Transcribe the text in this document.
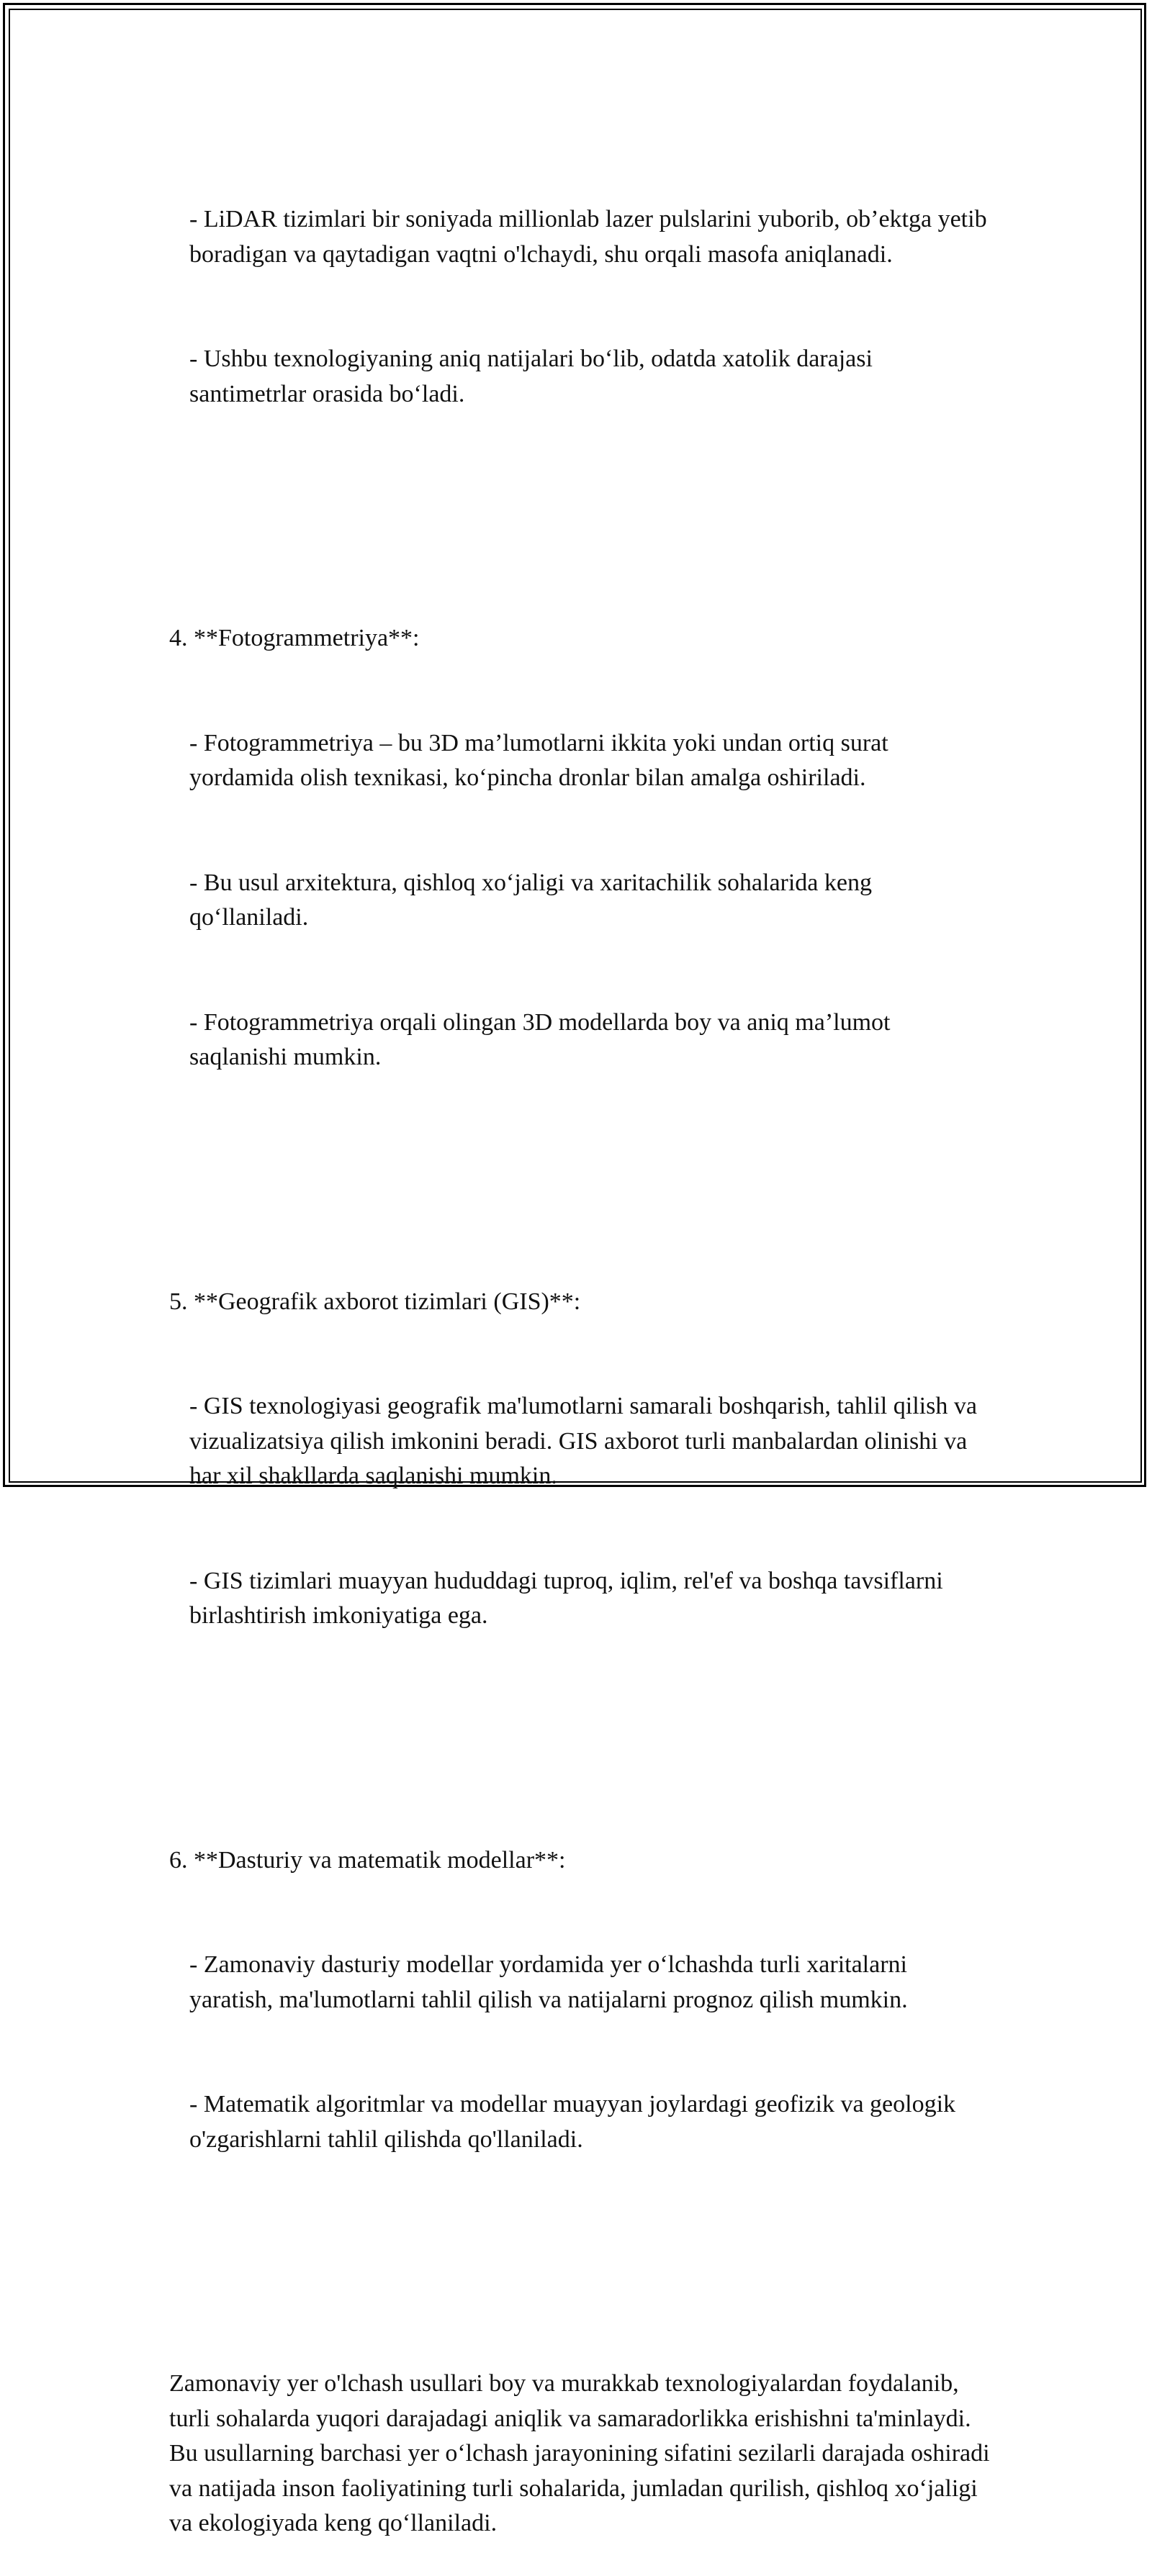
- LiDAR tizimlari bir soniyada millionlab lazer pulslarini yuborib, ob’ektga yetib boradigan va qaytadigan vaqtni o'lchaydi, shu orqali masofa aniqlanadi.

- Ushbu texnologiyaning aniq natijalari bo‘lib, odatda xatolik darajasi santimetrlar orasida bo‘ladi.

4. **Fotogrammetriya**:

- Fotogrammetriya – bu 3D ma’lumotlarni ikkita yoki undan ortiq surat yordamida olish texnikasi, ko‘pincha dronlar bilan amalga oshiriladi.

- Bu usul arxitektura, qishloq xo‘jaligi va xaritachilik sohalarida keng qo‘llaniladi.

- Fotogrammetriya orqali olingan 3D modellarda boy va aniq ma’lumot saqlanishi mumkin.

5. **Geografik axborot tizimlari (GIS)**:

- GIS texnologiyasi geografik ma'lumotlarni samarali boshqarish, tahlil qilish va vizualizatsiya qilish imkonini beradi. GIS axborot turli manbalardan olinishi va har xil shakllarda saqlanishi mumkin.

- GIS tizimlari muayyan hududdagi tuproq, iqlim, rel'ef va boshqa tavsiflarni birlashtirish imkoniyatiga ega.

6. **Dasturiy va matematik modellar**:

- Zamonaviy dasturiy modellar yordamida yer o‘lchashda turli xaritalarni yaratish, ma'lumotlarni tahlil qilish va natijalarni prognoz qilish mumkin.

- Matematik algoritmlar va modellar muayyan joylardagi geofizik va geologik o'zgarishlarni tahlil qilishda qo'llaniladi.

Zamonaviy yer o'lchash usullari boy va murakkab texnologiyalardan foydalanib, turli sohalarda yuqori darajadagi aniqlik va samaradorlikka erishishni ta'minlaydi. Bu usullarning barchasi yer o‘lchash jarayonining sifatini sezilarli darajada oshiradi va natijada inson faoliyatining turli sohalarida, jumladan qurilish, qishloq xo‘jaligi va ekologiyada keng qo‘llaniladi.
